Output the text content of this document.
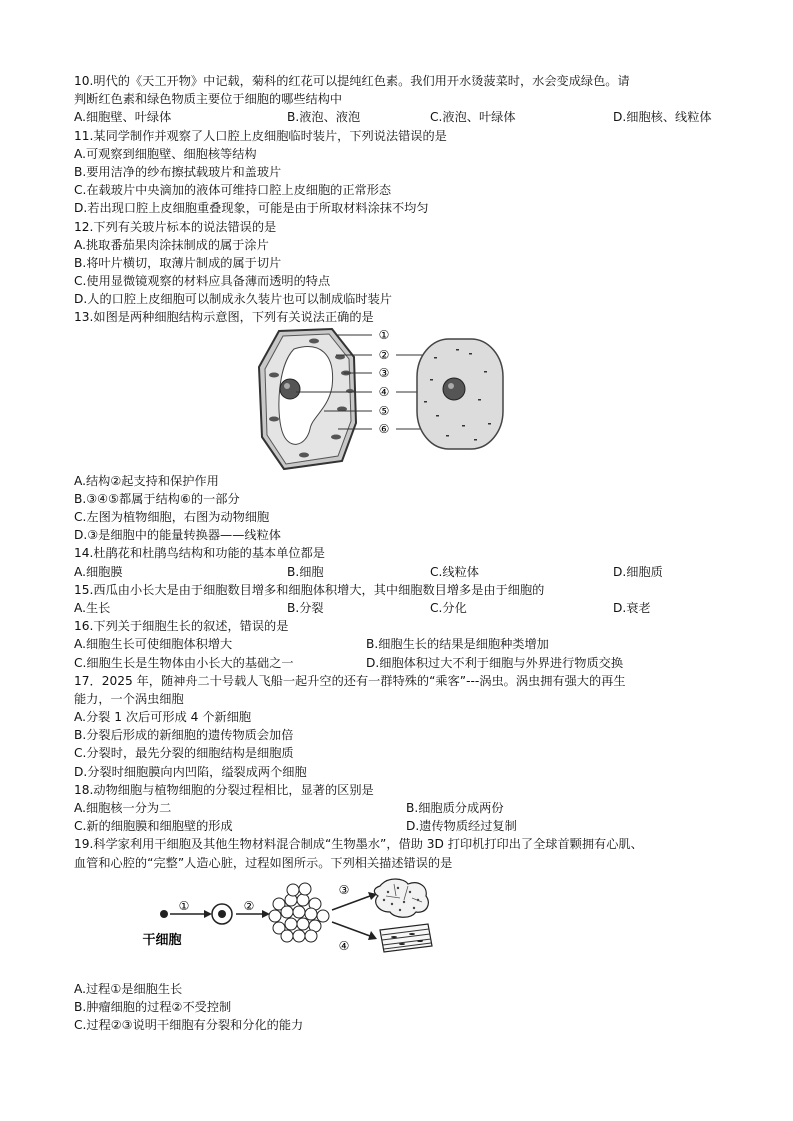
10.明代的《天工开物》中记载，菊科的红花可以提纯红色素。我们用开水烫菠菜时，水会变成绿色。请
判断红色素和绿色物质主要位于细胞的哪些结构中
A.细胞壁、叶绿体	B.液泡、液泡	C.液泡、叶绿体	D.细胞核、线粒体
11.某同学制作并观察了人口腔上皮细胞临时装片，下列说法错误的是
A.可观察到细胞壁、细胞核等结构
B.要用洁净的纱布擦拭载玻片和盖玻片
C.在载玻片中央滴加的液体可维持口腔上皮细胞的正常形态
D.若出现口腔上皮细胞重叠现象，可能是由于所取材料涂抹不均匀
12.下列有关玻片标本的说法错误的是
A.挑取番茄果肉涂抹制成的属于涂片
B.将叶片横切，取薄片制成的属于切片
C.使用显微镜观察的材料应具备薄而透明的特点
D.人的口腔上皮细胞可以制成永久装片也可以制成临时装片
13.如图是两种细胞结构示意图，下列有关说法正确的是
①
②
③
④
⑤
⑥
A.结构②起支持和保护作用
B.③④⑤都属于结构⑥的一部分
C.左图为植物细胞，右图为动物细胞
D.③是细胞中的能量转换器——线粒体
14.杜鹃花和杜鹃鸟结构和功能的基本单位都是
A.细胞膜	B.细胞	C.线粒体	D.细胞质
15.西瓜由小长大是由于细胞数目增多和细胞体积增大，其中细胞数目增多是由于细胞的
A.生长	B.分裂	C.分化	D.衰老
16.下列关于细胞生长的叙述，错误的是
A.细胞生长可使细胞体积增大	B.细胞生长的结果是细胞种类增加
C.细胞生长是生物体由小长大的基础之一	D.细胞体积过大不利于细胞与外界进行物质交换
17．2025 年，随神舟二十号载人飞船一起升空的还有一群特殊的“乘客”---涡虫。涡虫拥有强大的再生
能力，一个涡虫细胞
A.分裂 1 次后可形成 4 个新细胞
B.分裂后形成的新细胞的遗传物质会加倍
C.分裂时，最先分裂的细胞结构是细胞质
D.分裂时细胞膜向内凹陷，缢裂成两个细胞
18.动物细胞与植物细胞的分裂过程相比，显著的区别是
A.细胞核一分为二	B.细胞质分成两份
C.新的细胞膜和细胞壁的形成	D.遗传物质经过复制
19.科学家利用干细胞及其他生物材料混合制成“生物墨水”，借助 3D 打印机打印出了全球首颗拥有心肌、
血管和心腔的“完整”人造心脏，过程如图所示。下列相关描述错误的是
①
干细胞
②
③
④
A.过程①是细胞生长
B.肿瘤细胞的过程②不受控制
C.过程②③说明干细胞有分裂和分化的能力
